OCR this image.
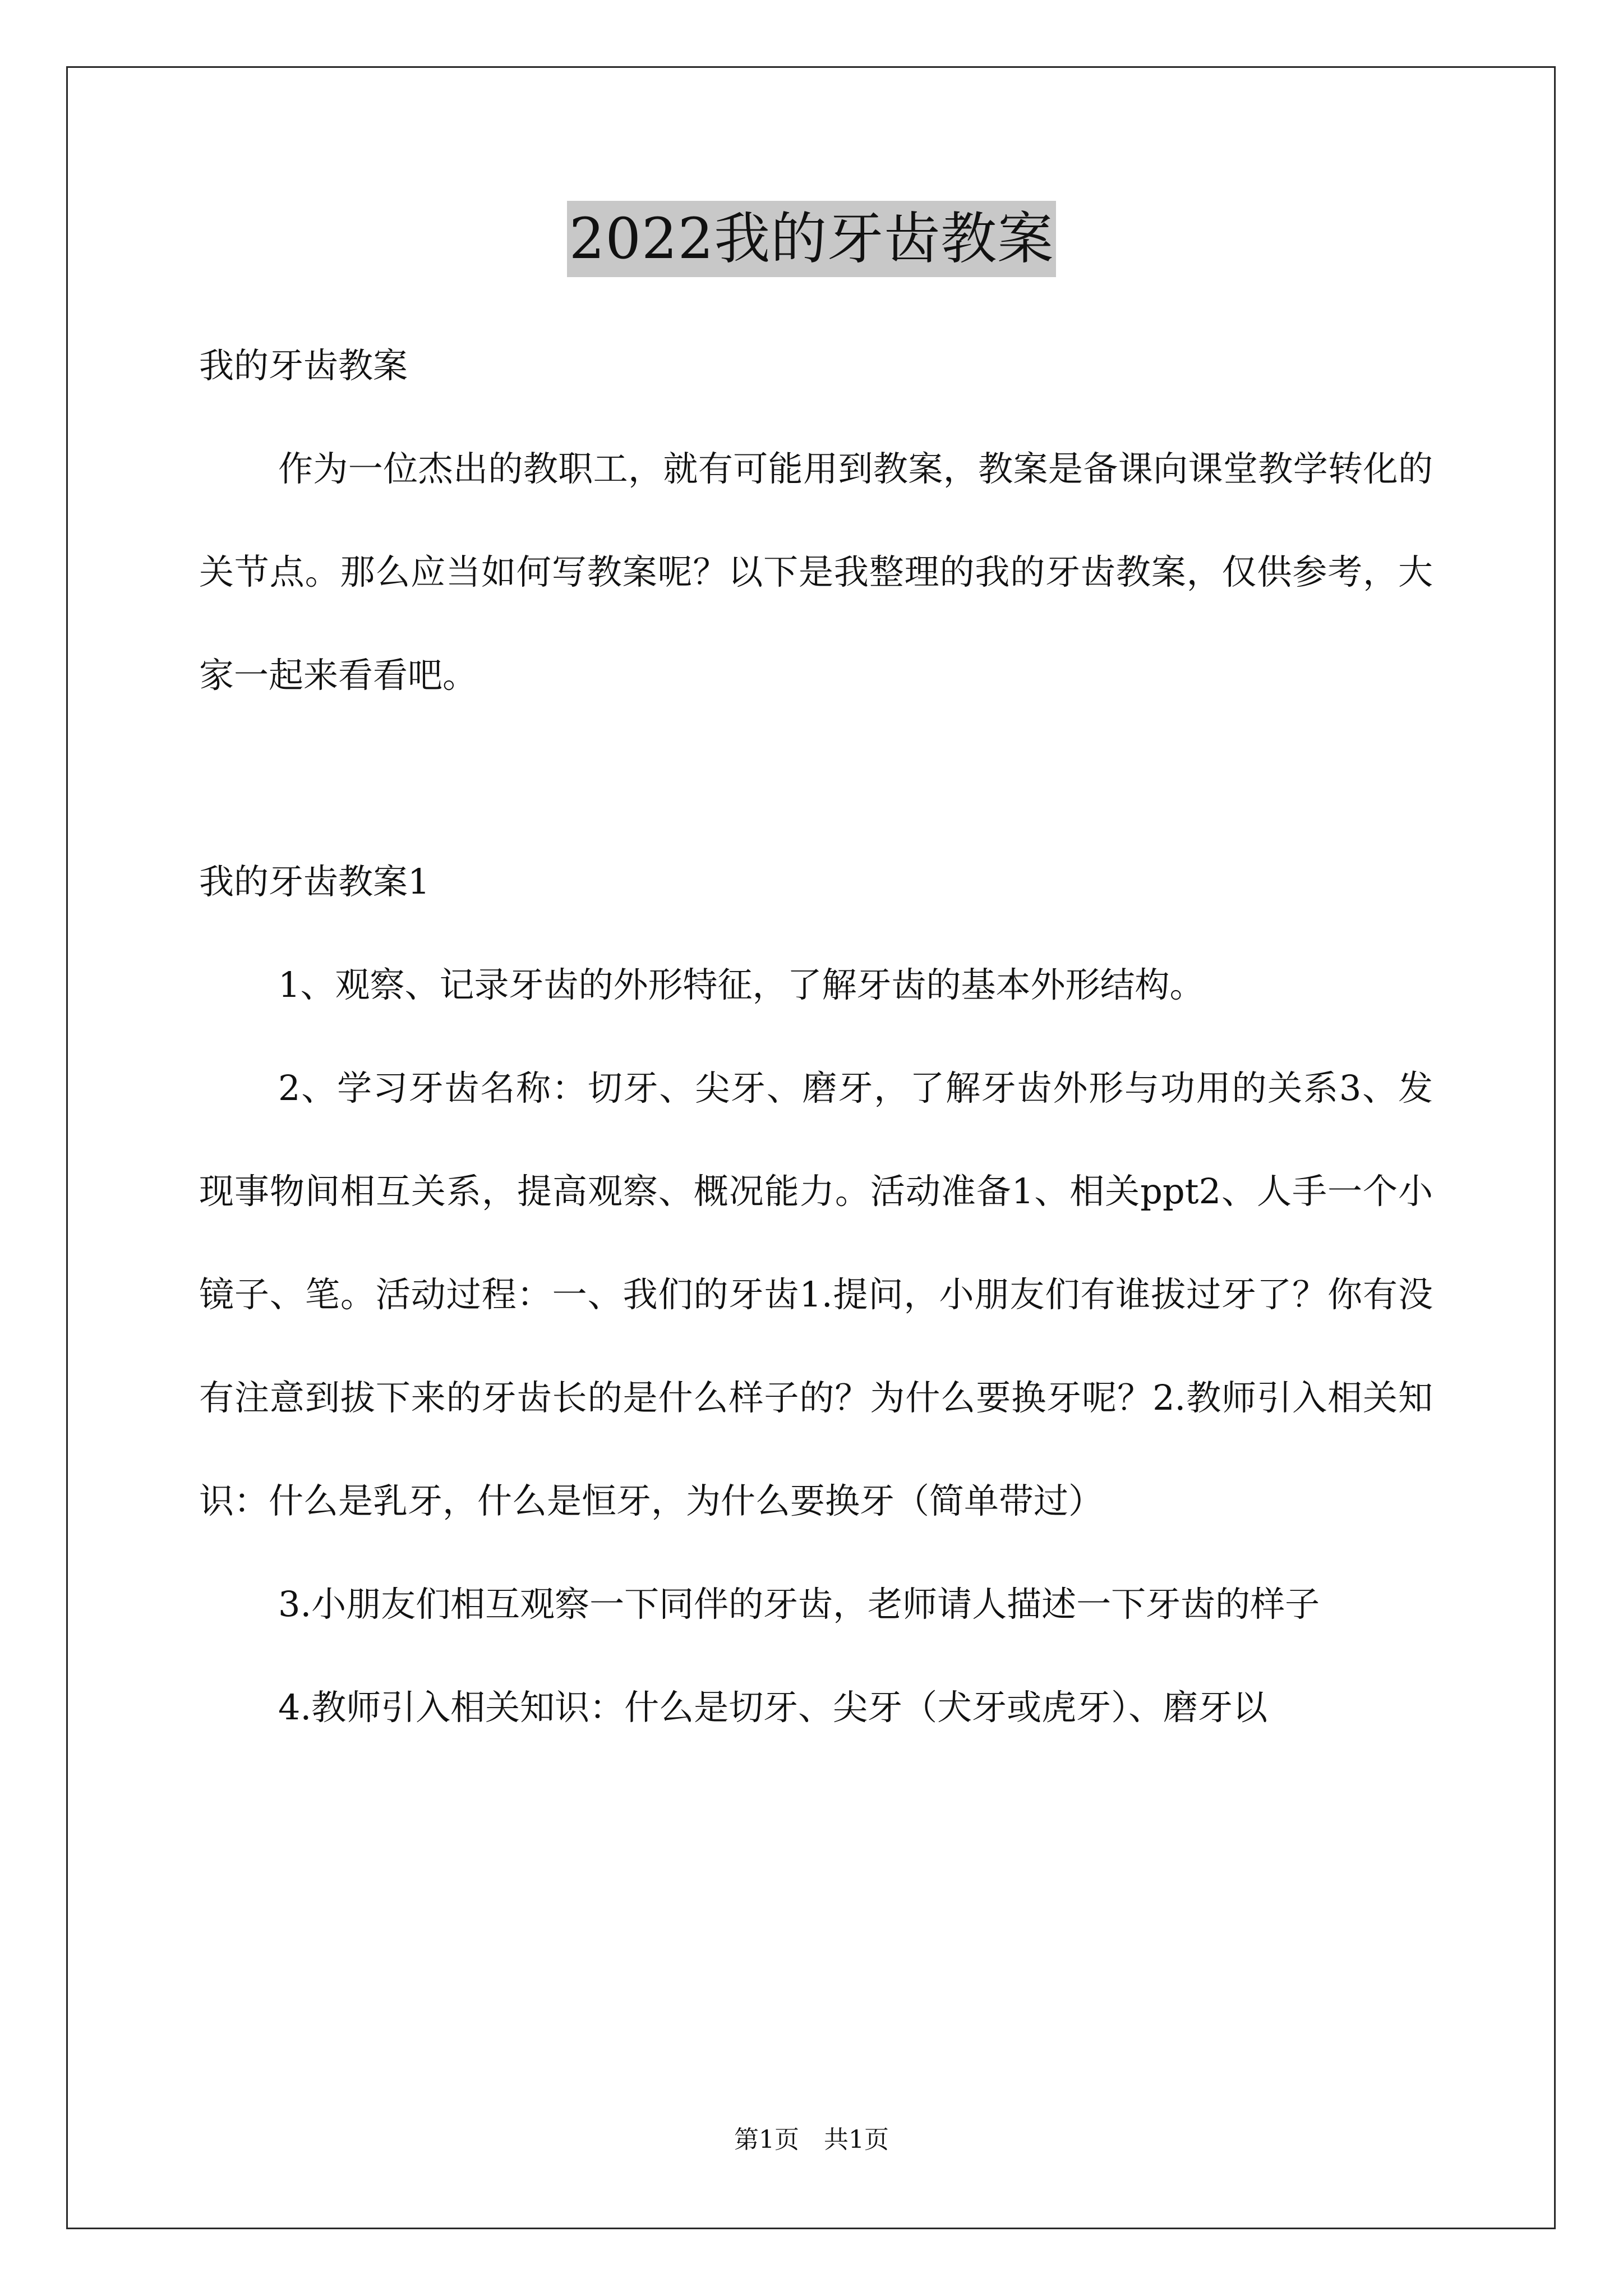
2022我的牙齿教案

我的牙齿教案

作为一位杰出的教职工，就有可能用到教案，教案是备课向课堂教学转化的关节点。那么应当如何写教案呢？以下是我整理的我的牙齿教案，仅供参考，大家一起来看看吧。

我的牙齿教案1

1、观察、记录牙齿的外形特征，了解牙齿的基本外形结构。

2、学习牙齿名称：切牙、尖牙、磨牙，了解牙齿外形与功用的关系3、发现事物间相互关系，提高观察、概况能力。活动准备1、相关ppt2、人手一个小镜子、笔。活动过程：一、我们的牙齿1.提问，小朋友们有谁拔过牙了？你有没有注意到拔下来的牙齿长的是什么样子的？为什么要换牙呢？2.教师引入相关知识：什么是乳牙，什么是恒牙，为什么要换牙（简单带过）

3.小朋友们相互观察一下同伴的牙齿，老师请人描述一下牙齿的样子

4.教师引入相关知识：什么是切牙、尖牙（犬牙或虎牙）、磨牙以

第1页　共1页
